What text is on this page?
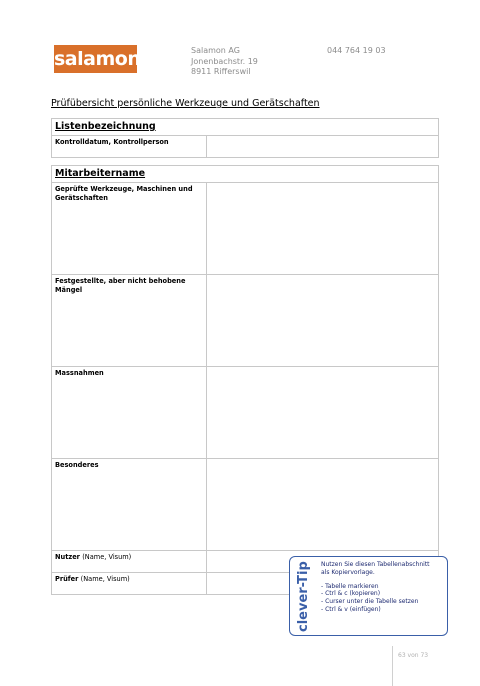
salamon	Salamon AG
Jonenbachstr. 19
8911 Rifferswil
044 764 19 03
Prüfübersicht persönliche Werkzeuge und Gerätschaften
Listenbezeichnung

Kontrolldatum, Kontrollperson

Mitarbeitername	

Geprüfte Werkzeuge, Maschinen und Gerätschaften	

Festgestellte, aber nicht behobene Mängel	

Massnahmen	

Besonderes	

Nutzer (Name, Visum)	

Prüfer (Name, Visum)	
		clever-Tip Nutzen Sie diesen Tabellenabschnitt
als Kopiervorlage.
- Tabelle markieren
- Ctrl & c (kopieren)
- Curser unter die Tabelle setzen
- Ctrl & v (einfügen)
63 von 73
